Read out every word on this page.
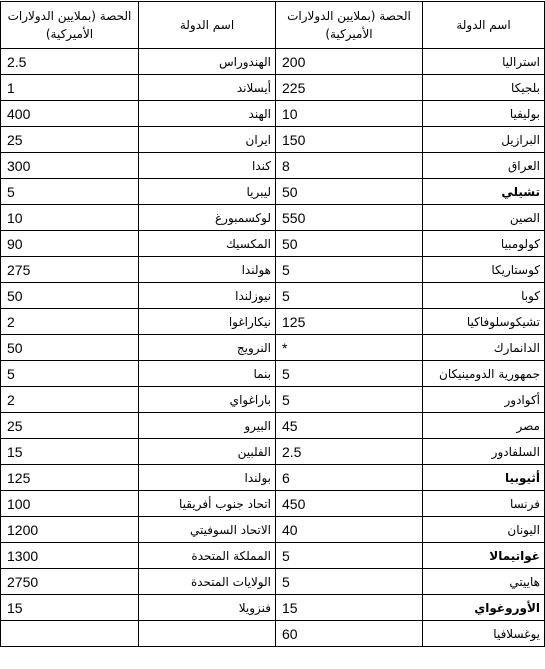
اسم الدولة	الحصة (بملايين الدولارات الأميركية)	اسم الدولة	الحصة (بملايين الدولارات الأميركية)
استراليا	200	الهندوراس	2.5
بلجيكا	225	أيسلاند	1
بوليفيا	10	الهند	400
البرازيل	150	ايران	25
العراق	8	كندا	300
تشيلي	50	ليبريا	5
الصين	550	لوكسمبورغ	10
كولومبيا	50	المكسيك	90
كوستاريكا	5	هولندا	275
كوبا	5	نيوزلندا	50
تشيكوسلوفاكيا	125	نيكاراغوا	2
الدانمارك	*	النرويج	50
جمهورية الدومينيكان	5	بنما	5
أكوادور	5	باراغواي	2
مصر	45	البيرو	25
السلفادور	2.5	الفلبين	15
أثيوبيا	6	بولندا	125
فرنسا	450	اتحاد جنوب أفريقيا	100
اليونان	40	الاتحاد السوفيتي	1200
غواتيمالا	5	المملكة المتحدة	1300
هاييتي	5	الولايات المتحدة	2750
الأوروغواي	15	فنزويلا	15
يوغسلافيا	60		
